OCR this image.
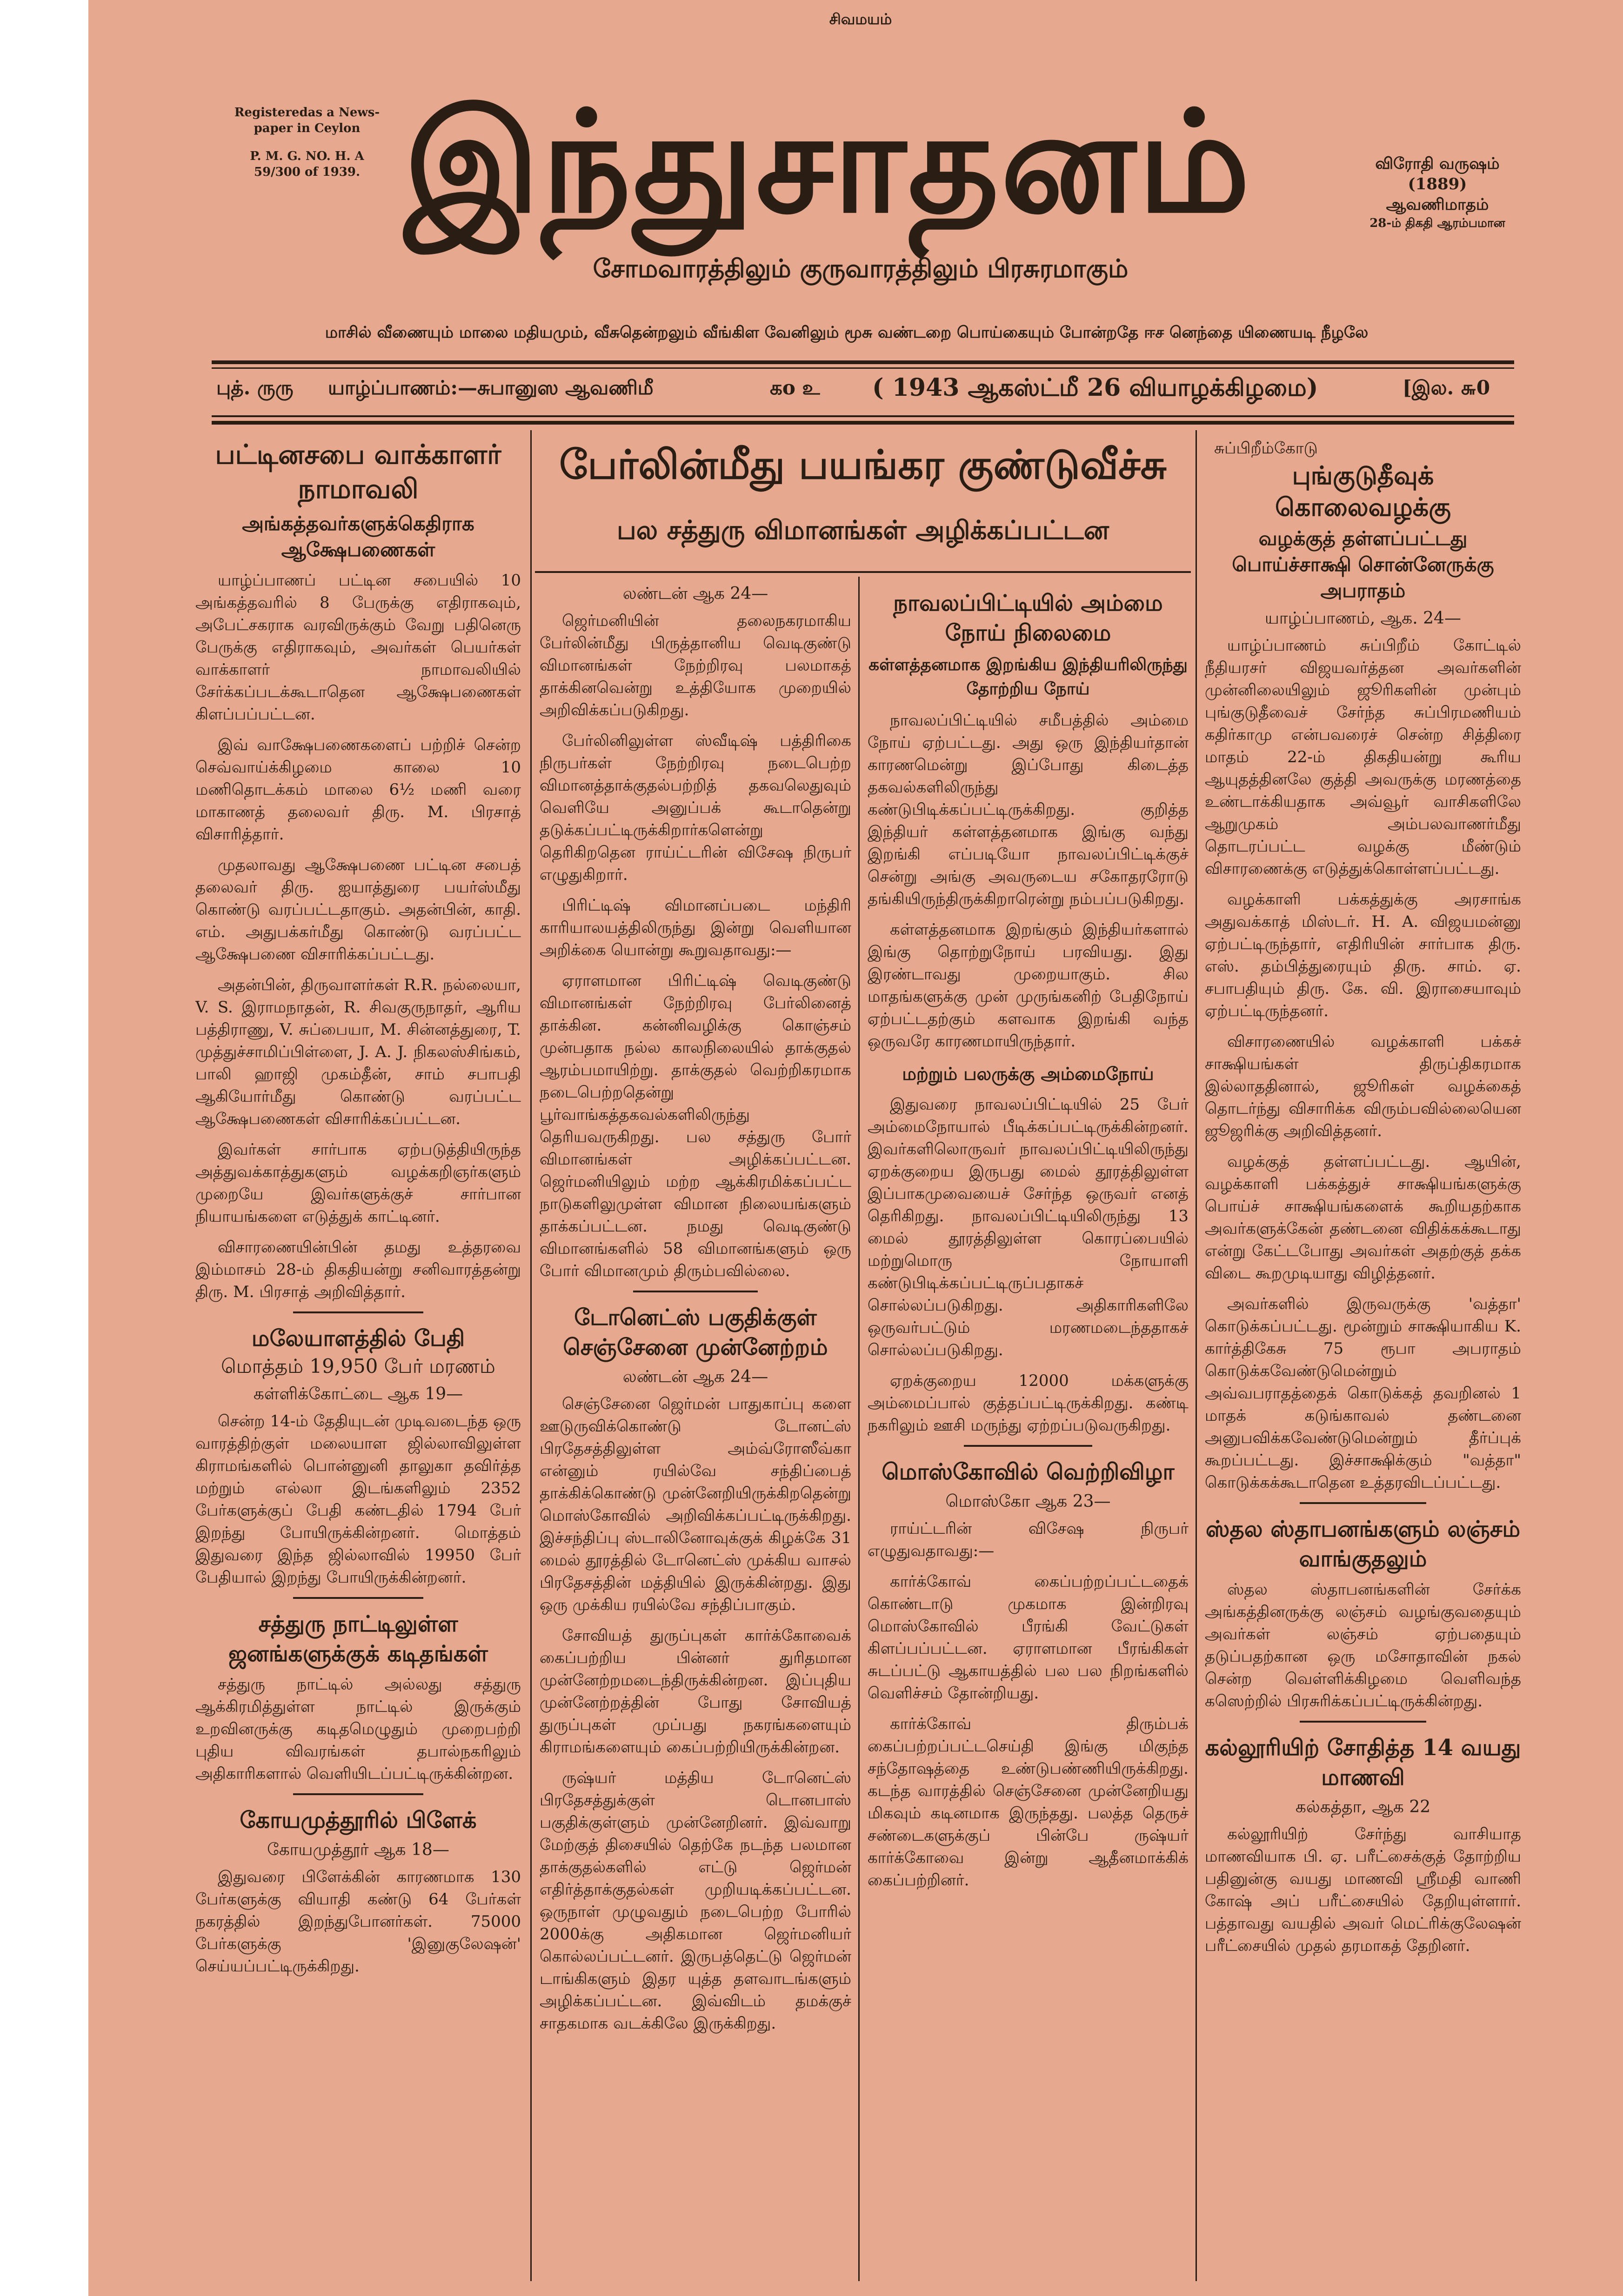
சிவமயம்
Registeredas a News-
paper in Ceylon
P. M. G. NO. H. A
59/300 of 1939. இந்துசாதனம்	விரோதி வருஷம்
(1889)
ஆவணிமாதம்
28-ம் திகதி ஆரம்பமான
சோமவாரத்திலும் குருவாரத்திலும் பிரசுரமாகும்
மாசில் வீணையும் மாலை மதியமும், வீசுதென்றலும் வீங்கிள வேனிலும் மூசு வண்டறை பொய்கையும் போன்றதே ஈச னெந்தை யிணையடி நீழலே
புத். ருரு யாழ்ப்பாணம்:—சுபானுஸ ஆவணிமீ	கo உ ( 1943 ஆகஸ்ட்மீ 26 வியாழக்கிழமை)	[இல. ௬0
பட்டினசபை வாக்காளர் நாமாவலி
அங்கத்தவர்களுக்கெதிராக ஆக்ஷேபணைகள்

யாழ்ப்பாணப் பட்டின சபையில் 10 அங்கத்தவரில் 8 பேருக்கு எதிராகவும், அபேட்சகராக வரவிருக்கும் வேறு பதினெரு பேருக்கு எதிராகவும், அவர்கள் பெயர்கள் வாக்காளர் நாமாவலியில் சேர்க்கப்படக்கூடாதென ஆக்ஷேபணைகள் கிளப்பப்பட்டன.

இவ் வாக்ஷேபணைகளைப் பற்றிச் சென்ற செவ்வாய்க்கிழமை காலை 10 மணிதொடக்கம் மாலை 6½ மணி வரை மாகாணத் தலைவர் திரு. M. பிரசாத் விசாரித்தார்.

முதலாவது ஆக்ஷேபணை பட்டின சபைத் தலைவர் திரு. ஐயாத்துரை பயர்ஸ்மீது கொண்டு வரப்பட்டதாகும். அதன்பின், காதி. எம். அதுபக்கர்மீது கொண்டு வரப்பட்ட ஆக்ஷேபணை விசாரிக்கப்பட்டது.

அதன்பின், திருவாளர்கள் R.R. நல்லையா, V. S. இராமநாதன், R. சிவகுருநாதர், ஆரிய பத்திராணு, V. சுப்பையா, M. சின்னத்துரை, T. முத்துச்சாமிப்பிள்ளை, J. A. J. நிகலஸ்சிங்கம், பாலி ஹாஜி முகம்தீன், சாம் சபாபதி ஆகியோர்மீது கொண்டு வரப்பட்ட ஆக்ஷேபணைகள் விசாரிக்கப்பட்டன.

இவர்கள் சார்பாக ஏற்படுத்தியிருந்த அத்துவக்காத்துகளும் வழக்கறிஞர்களும் முறையே இவர்களுக்குச் சார்பான நியாயங்களை எடுத்துக் காட்டினர்.

விசாரணையின்பின் தமது உத்தரவை இம்மாசம் 28-ம் திகதியன்று சனிவாரத்தன்று திரு. M. பிரசாத் அறிவித்தார்.

மலேயாளத்தில் பேதி
மொத்தம் 19,950 பேர் மரணம்
கள்ளிக்கோட்டை ஆக 19—

சென்ற 14-ம் தேதியுடன் முடிவடைந்த ஒரு வாரத்திற்குள் மலையாள ஜில்லாவிலுள்ள கிராமங்களில் பொன்னுனி தாலுகா தவிர்த்த மற்றும் எல்லா இடங்களிலும் 2352 பேர்களுக்குப் பேதி கண்டதில் 1794 பேர் இறந்து போயிருக்கின்றனர். மொத்தம் இதுவரை இந்த ஜில்லாவில் 19950 பேர் பேதியால் இறந்து போயிருக்கின்றனர்.

சத்துரு நாட்டிலுள்ள ஜனங்களுக்குக் கடிதங்கள்

சத்துரு நாட்டில் அல்லது சத்துரு ஆக்கிரமித்துள்ள நாட்டில் இருக்கும் உறவினருக்கு கடிதமெழுதும் முறைபற்றி புதிய விவரங்கள் தபால்நகரிலும் அதிகாரிகளால் வெளியிடப்பட்டிருக்கின்றன.

கோயமுத்தூரில் பிளேக்
கோயமுத்தூர் ஆக 18—

இதுவரை பிளேக்கின் காரணமாக 130 பேர்களுக்கு வியாதி கண்டு 64 பேர்கள் நகரத்தில் இறந்துபோனர்கள். 75000 பேர்களுக்கு 'இனுகுலேஷன்' செய்யப்பட்டிருக்கிறது.

பேர்லின்மீது பயங்கர குண்டுவீச்சு
பல சத்துரு விமானங்கள் அழிக்கப்பட்டன
லண்டன் ஆக 24—

ஜெர்மனியின் தலைநகரமாகிய பேர்லின்மீது பிருத்தானிய வெடிகுண்டு விமானங்கள் நேற்றிரவு பலமாகத் தாக்கினவென்று உத்தியோக முறையில் அறிவிக்கப்படுகிறது.

பேர்லினிலுள்ள ஸ்வீடிஷ் பத்திரிகை நிருபர்கள் நேற்றிரவு நடைபெற்ற விமானத்தாக்குதல்பற்றித் தகவலெதுவும் வெளியே அனுப்பக் கூடாதென்று தடுக்கப்பட்டிருக்கிறார்களென்று தெரிகிறதென ராய்ட்டரின் விசேஷ நிருபர் எழுதுகிறார்.

பிரிட்டிஷ் விமானப்படை மந்திரி காரியாலயத்திலிருந்து இன்று வெளியான அறிக்கை யொன்று கூறுவதாவது:—

ஏராளமான பிரிட்டிஷ் வெடிகுண்டு விமானங்கள் நேற்றிரவு பேர்லினைத் தாக்கின. கன்னிவழிக்கு கொஞ்சம் முன்பதாக நல்ல காலநிலையில் தாக்குதல் ஆரம்பமாயிற்று. தாக்குதல் வெற்றிகரமாக நடைபெற்றதென்று பூர்வாங்கத்தகவல்களிலிருந்து தெரியவருகிறது. பல சத்துரு போர் விமானங்கள் அழிக்கப்பட்டன. ஜெர்மனியிலும் மற்ற ஆக்கிரமிக்கப்பட்ட நாடுகளிலுமுள்ள விமான நிலையங்களும் தாக்கப்பட்டன. நமது வெடிகுண்டு விமானங்களில் 58 விமானங்களும் ஒரு போர் விமானமும் திரும்பவில்லை.

டோனெட்ஸ் பகுதிக்குள் செஞ்சேனை முன்னேற்றம்
லண்டன் ஆக 24—

செஞ்சேனை ஜெர்மன் பாதுகாப்பு களை ஊடுருவிக்கொண்டு டோனட்ஸ் பிரதேசத்திலுள்ள அம்வ்ரோஸீவ்கா என்னும் ரயில்வே சந்திப்பைத் தாக்கிக்கொண்டு முன்னேறியிருக்கிறதென்று மொஸ்கோவில் அறிவிக்கப்பட்டிருக்கிறது. இச்சந்திப்பு ஸ்டாலினோவுக்குக் கிழக்கே 31 மைல் தூரத்தில் டோனெட்ஸ் முக்கிய வாசல் பிரதேசத்தின் மத்தியில் இருக்கின்றது. இது ஒரு முக்கிய ரயில்வே சந்திப்பாகும்.

சோவியத் துருப்புகள் கார்க்கோவைக் கைப்பற்றிய பின்னர் துரிதமான முன்னேற்றமடைந்திருக்கின்றன. இப்புதிய முன்னேற்றத்தின் போது சோவியத் துருப்புகள் முப்பது நகரங்களையும் கிராமங்களையும் கைப்பற்றியிருக்கின்றன.

ருஷ்யர் மத்திய டோனெட்ஸ் பிரதேசத்துக்குள் டொனபாஸ் பகுதிக்குள்ளும் முன்னேறினர். இவ்வாறு மேற்குத் திசையில் தெற்கே நடந்த பலமான தாக்குதல்களில் எட்டு ஜெர்மன் எதிர்த்தாக்குதல்கள் முறியடிக்கப்பட்டன. ஒருநாள் முழுவதும் நடைபெற்ற போரில் 2000க்கு அதிகமான ஜெர்மனியர் கொல்லப்பட்டனர். இருபத்தெட்டு ஜெர்மன் டாங்கிகளும் இதர யுத்த தளவாடங்களும் அழிக்கப்பட்டன. இவ்விடம் தமக்குச் சாதகமாக வடக்கிலே இருக்கிறது.

நாவலப்பிட்டியில் அம்மை நோய் நிலைமை
கள்ளத்தனமாக இறங்கிய இந்தியரிலிருந்து தோற்றிய நோய்

நாவலப்பிட்டியில் சமீபத்தில் அம்மை நோய் ஏற்பட்டது. அது ஒரு இந்தியர்தான் காரணமென்று இப்போது கிடைத்த தகவல்களிலிருந்து கண்டுபிடிக்கப்பட்டிருக்கிறது. குறித்த இந்தியர் கள்ளத்தனமாக இங்கு வந்து இறங்கி எப்படியோ நாவலப்பிட்டிக்குச் சென்று அங்கு அவருடைய சகோதரரோடு தங்கியிருந்திருக்கிறாரென்று நம்பப்படுகிறது.

கள்ளத்தனமாக இறங்கும் இந்தியர்களால் இங்கு தொற்றுநோய் பரவியது. இது இரண்டாவது முறையாகும். சில மாதங்களுக்கு முன் முருங்கனிற் பேதிநோய் ஏற்பட்டதற்கும் களவாக இறங்கி வந்த ஒருவரே காரணமாயிருந்தார்.

மற்றும் பலருக்கு அம்மைநோய்

இதுவரை நாவலப்பிட்டியில் 25 பேர் அம்மைநோயால் பீடிக்கப்பட்டிருக்கின்றனர். இவர்களிலொருவர் நாவலப்பிட்டியிலிருந்து ஏறக்குறைய இருபது மைல் தூரத்திலுள்ள இப்பாகமுவையைச் சேர்ந்த ஒருவர் எனத் தெரிகிறது. நாவலப்பிட்டியிலிருந்து 13 மைல் தூரத்திலுள்ள கொரப்பையில் மற்றுமொரு நோயாளி கண்டுபிடிக்கப்பட்டிருப்பதாகச் சொல்லப்படுகிறது. அதிகாரிகளிலே ஒருவர்பட்டும் மரணமடைந்ததாகச் சொல்லப்படுகிறது.

ஏறக்குறைய 12000 மக்களுக்கு அம்மைப்பால் குத்தப்பட்டிருக்கிறது. கண்டி நகரிலும் ஊசி மருந்து ஏற்றப்படுவருகிறது.

மொஸ்கோவில் வெற்றிவிழா
மொஸ்கோ ஆக 23—

ராய்ட்டரின் விசேஷ நிருபர் எழுதுவதாவது:—

கார்க்கோவ் கைப்பற்றப்பட்டதைக் கொண்டாடு முகமாக இன்றிரவு மொஸ்கோவில் பீரங்கி வேட்டுகள் கிளப்பப்பட்டன. ஏராளமான பீரங்கிகள் சுடப்பட்டு ஆகாயத்தில் பல பல நிறங்களில் வெளிச்சம் தோன்றியது.

கார்க்கோவ் திரும்பக் கைப்பற்றப்பட்டசெய்தி இங்கு மிகுந்த சந்தோஷத்தை உண்டுபண்ணியிருக்கிறது. கடந்த வாரத்தில் செஞ்சேனை முன்னேறியது மிகவும் கடினமாக இருந்தது. பலத்த தெருச் சண்டைகளுக்குப் பின்பே ருஷ்யர் கார்க்கோவை இன்று ஆதீனமாக்கிக் கைப்பற்றினர்.

சுப்பிறீம்கோடு
புங்குடுதீவுக் கொலைவழக்கு
வழக்குத் தள்ளப்பட்டது பொய்ச்சாக்ஷி சொன்னேருக்கு அபராதம்
யாழ்ப்பாணம், ஆக. 24—

யாழ்ப்பாணம் சுப்பிறீம் கோட்டில் நீதியரசர் விஜயவர்த்தன அவர்களின் முன்னிலையிலும் ஜூரிகளின் முன்பும் புங்குடுதீவைச் சேர்ந்த சுப்பிரமணியம் கதிர்காமு என்பவரைச் சென்ற சித்திரை மாதம் 22-ம் திகதியன்று கூரிய ஆயுதத்தினலே குத்தி அவருக்கு மரணத்தை உண்டாக்கியதாக அவ்வூர் வாசிகளிலே ஆறுமுகம் அம்பலவாணர்மீது தொடரப்பட்ட வழக்கு மீண்டும் விசாரணைக்கு எடுத்துக்கொள்ளப்பட்டது.

வழக்காளி பக்கத்துக்கு அரசாங்க அதுவக்காத் மிஸ்டர். H. A. விஜயமன்னு ஏற்பட்டிருந்தார், எதிரியின் சார்பாக திரு. எஸ். தம்பித்துரையும் திரு. சாம். ஏ. சபாபதியும் திரு. கே. வி. இராசையாவும் ஏற்பட்டிருந்தனர்.

விசாரணையில் வழக்காளி பக்கச் சாக்ஷியங்கள் திருப்திகரமாக இல்லாததினால், ஜூரிகள் வழக்கைத் தொடர்ந்து விசாரிக்க விரும்பவில்லையென ஜூஜரிக்கு அறிவித்தனர்.

வழக்குத் தள்ளப்பட்டது. ஆயின், வழக்காளி பக்கத்துச் சாக்ஷியங்களுக்கு பொய்ச் சாக்ஷியங்களைக் கூறியதற்காக அவர்களுக்கேன் தண்டனை விதிக்கக்கூடாது என்று கேட்டபோது அவர்கள் அதற்குத் தக்க விடை கூறமுடியாது விழித்தனர்.

அவர்களில் இருவருக்கு 'வத்தா' கொடுக்கப்பட்டது. மூன்றும் சாக்ஷியாகிய K. கார்த்திகேசு 75 ரூபா அபராதம் கொடுக்கவேண்டுமென்றும் அவ்வபராதத்தைக் கொடுக்கத் தவறினல் 1 மாதக் கடுங்காவல் தண்டனை அனுபவிக்கவேண்டுமென்றும் தீர்ப்புக் கூறப்பட்டது. இச்சாக்ஷிக்கும் "வத்தா" கொடுக்கக்கூடாதென உத்தரவிடப்பட்டது.

ஸ்தல ஸ்தாபனங்களும் லஞ்சம் வாங்குதலும்

ஸ்தல ஸ்தாபனங்களின் சேர்க்க அங்கத்தினருக்கு லஞ்சம் வழங்குவதையும் அவர்கள் லஞ்சம் ஏற்பதையும் தடுப்பதற்கான ஒரு மசோதாவின் நகல் சென்ற வெள்ளிக்கிழமை வெளிவந்த கஸெற்றில் பிரசுரிக்கப்பட்டிருக்கின்றது.

கல்லூரியிற் சோதித்த 14 வயது மாணவி
கல்கத்தா, ஆக 22

கல்லூரியிற் சேர்ந்து வாசியாத மாணவியாக பி. ஏ. பரீட்சைக்குத் தோற்றிய பதினுன்கு வயது மாணவி ஸ்ரீமதி வாணி கோஷ் அப் பரீட்சையில் தேறியுள்ளார். பத்தாவது வயதில் அவர் மெட்ரிக்குலேஷன் பரீட்சையில் முதல் தரமாகத் தேறினர்.
